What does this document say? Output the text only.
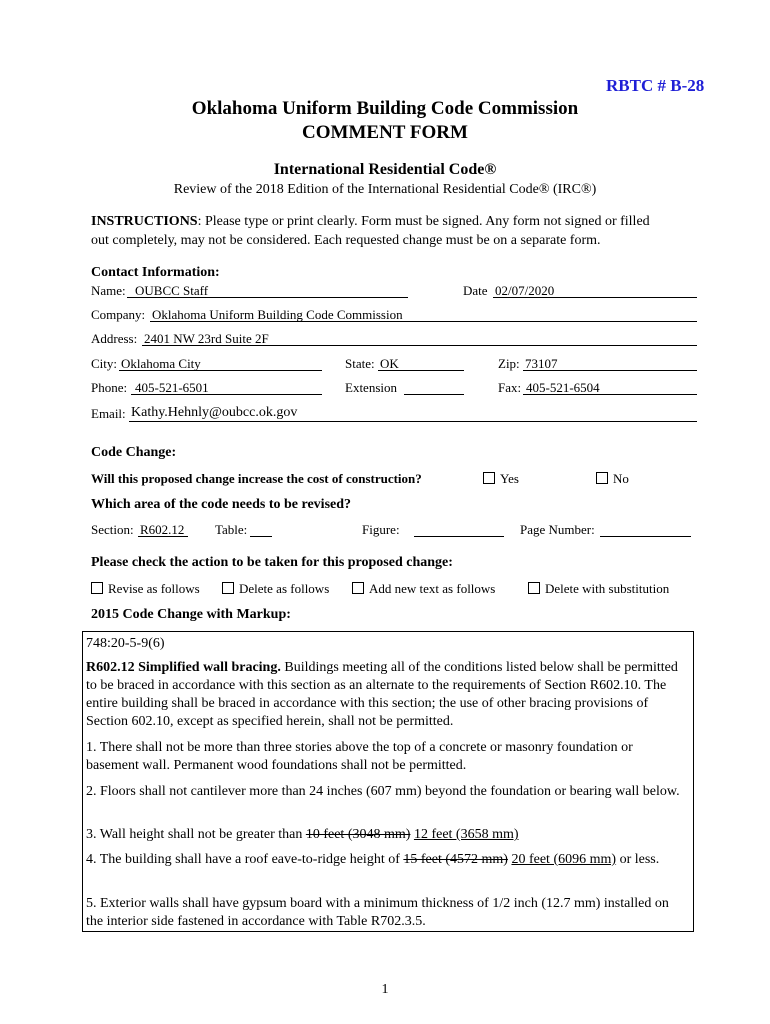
RBTC # B-28
Oklahoma Uniform Building Code Commission
COMMENT FORM
International Residential Code®
Review of the 2018 Edition of the International Residential Code® (IRC®)
INSTRUCTIONS: Please type or print clearly. Form must be signed. Any form not signed or filled
out completely, may not be considered. Each requested change must be on a separate form.
Contact Information:
Name: OUBCC Staff	Date 02/07/2020
Company: Oklahoma Uniform Building Code Commission
Address: 2401 NW 23rd Suite 2F
City: Oklahoma City	State: OK	Zip: 73107
Phone: 405-521-6501	Extension	Fax: 405-521-6504
Email: Kathy.Hehnly@oubcc.ok.gov
Code Change:
Will this proposed change increase the cost of construction?	Yes	No
Which area of the code needs to be revised?
Section: R602.12 Table:	Figure:	Page Number:
Please check the action to be taken for this proposed change:
Revise as follows	Delete as follows	Add new text as follows	Delete with substitution
2015 Code Change with Markup:
748:20-5-9(6)
R602.12 Simplified wall bracing. Buildings meeting all of the conditions listed below shall be permitted to be braced in accordance with this section as an alternate to the requirements of Section R602.10. The entire building shall be braced in accordance with this section; the use of other bracing provisions of Section 602.10, except as specified herein, shall not be permitted.
1. There shall not be more than three stories above the top of a concrete or masonry foundation or basement wall. Permanent wood foundations shall not be permitted.
2. Floors shall not cantilever more than 24 inches (607 mm) beyond the foundation or bearing wall below.
3. Wall height shall not be greater than 10 feet (3048 mm) 12 feet (3658 mm)
4. The building shall have a roof eave-to-ridge height of 15 feet (4572 mm) 20 feet (6096 mm) or less.
5. Exterior walls shall have gypsum board with a minimum thickness of 1/2 inch (12.7 mm) installed on the interior side fastened in accordance with Table R702.3.5.
1
